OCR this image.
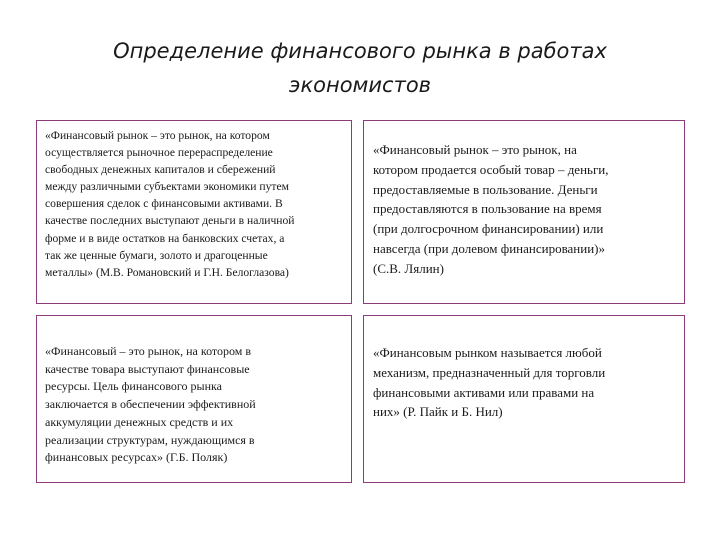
Определение финансового рынка в работах
экономистов

«Финансовый рынок – это рынок, на котором

осуществляется рыночное перераспределение

свободных денежных капиталов и сбережений

между различными субъектами экономики путем

совершения сделок с финансовыми активами. В

качестве последних выступают деньги в наличной

форме и в виде остатков на банковских счетах, а

так же ценные бумаги, золото и драгоценные

металлы» (М.В. Романовский и Г.Н. Белоглазова)

«Финансовый рынок – это рынок, на

котором продается особый товар – деньги,

предоставляемые в пользование. Деньги

предоставляются в пользование на время

(при долгосрочном финансировании) или

навсегда (при долевом финансировании)»

(С.В. Лялин)

«Финансовый – это рынок, на котором в

качестве товара выступают финансовые

ресурсы. Цель финансового рынка

заключается в обеспечении эффективной

аккумуляции денежных средств и их

реализации структурам, нуждающимся в

финансовых ресурсах» (Г.Б. Поляк)

«Финансовым рынком называется любой

механизм, предназначенный для торговли

финансовыми активами или правами на

них» (Р. Пайк и Б. Нил)
